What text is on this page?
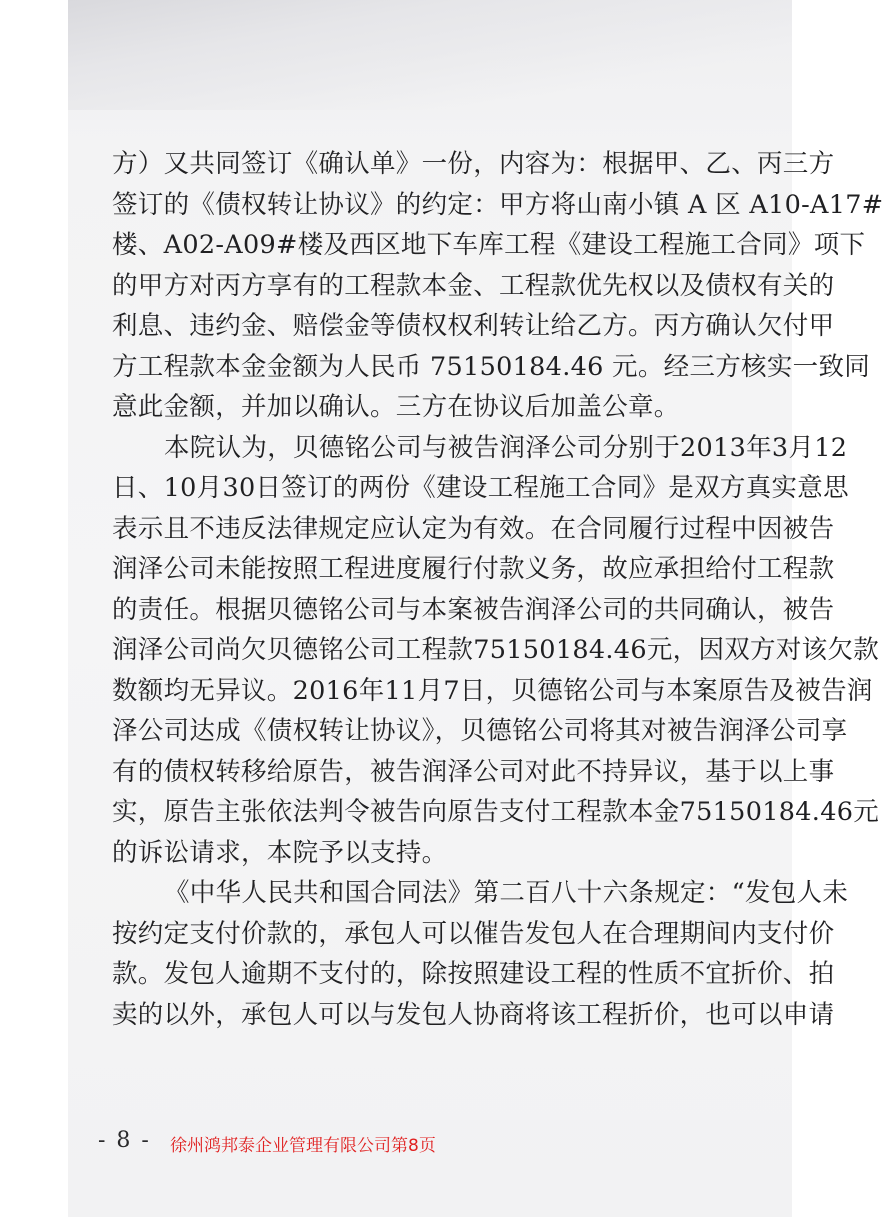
方）又共同签订《确认单》一份，内容为：根据甲、乙、丙三方
签订的《债权转让协议》的约定：甲方将山南小镇 A 区 A10-A17#
楼、A02-A09#楼及西区地下车库工程《建设工程施工合同》项下
的甲方对丙方享有的工程款本金、工程款优先权以及债权有关的
利息、违约金、赔偿金等债权权利转让给乙方。丙方确认欠付甲
方工程款本金金额为人民币 75150184.46 元。经三方核实一致同
意此金额，并加以确认。三方在协议后加盖公章。
本院认为，贝德铭公司与被告润泽公司分别于2013年3月12
日、10月30日签订的两份《建设工程施工合同》是双方真实意思
表示且不违反法律规定应认定为有效。在合同履行过程中因被告
润泽公司未能按照工程进度履行付款义务，故应承担给付工程款
的责任。根据贝德铭公司与本案被告润泽公司的共同确认，被告
润泽公司尚欠贝德铭公司工程款75150184.46元，因双方对该欠款
数额均无异议。2016年11月7日，贝德铭公司与本案原告及被告润
泽公司达成《债权转让协议》，贝德铭公司将其对被告润泽公司享
有的债权转移给原告，被告润泽公司对此不持异议，基于以上事
实，原告主张依法判令被告向原告支付工程款本金75150184.46元
的诉讼请求，本院予以支持。
《中华人民共和国合同法》第二百八十六条规定：“发包人未
按约定支付价款的，承包人可以催告发包人在合理期间内支付价
款。发包人逾期不支付的，除按照建设工程的性质不宜折价、拍
卖的以外，承包人可以与发包人协商将该工程折价，也可以申请
- 8 - 徐州鸿邦泰企业管理有限公司第8页
